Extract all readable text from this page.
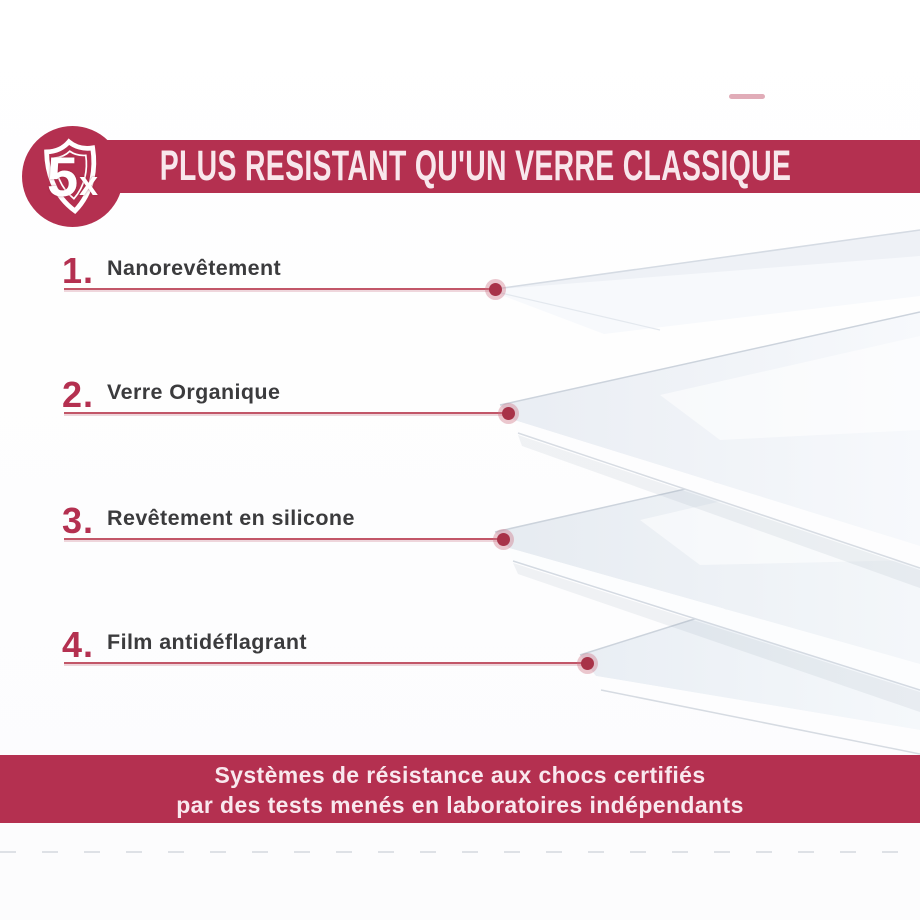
PLUS RESISTANT QU'UN VERRE CLASSIQUE
5 x
1. Nanorevêtement
2. Verre Organique
3. Revêtement en silicone
4. Film antidéflagrant
Systèmes de résistance aux chocs certifiés
par des tests menés en laboratoires indépendants
